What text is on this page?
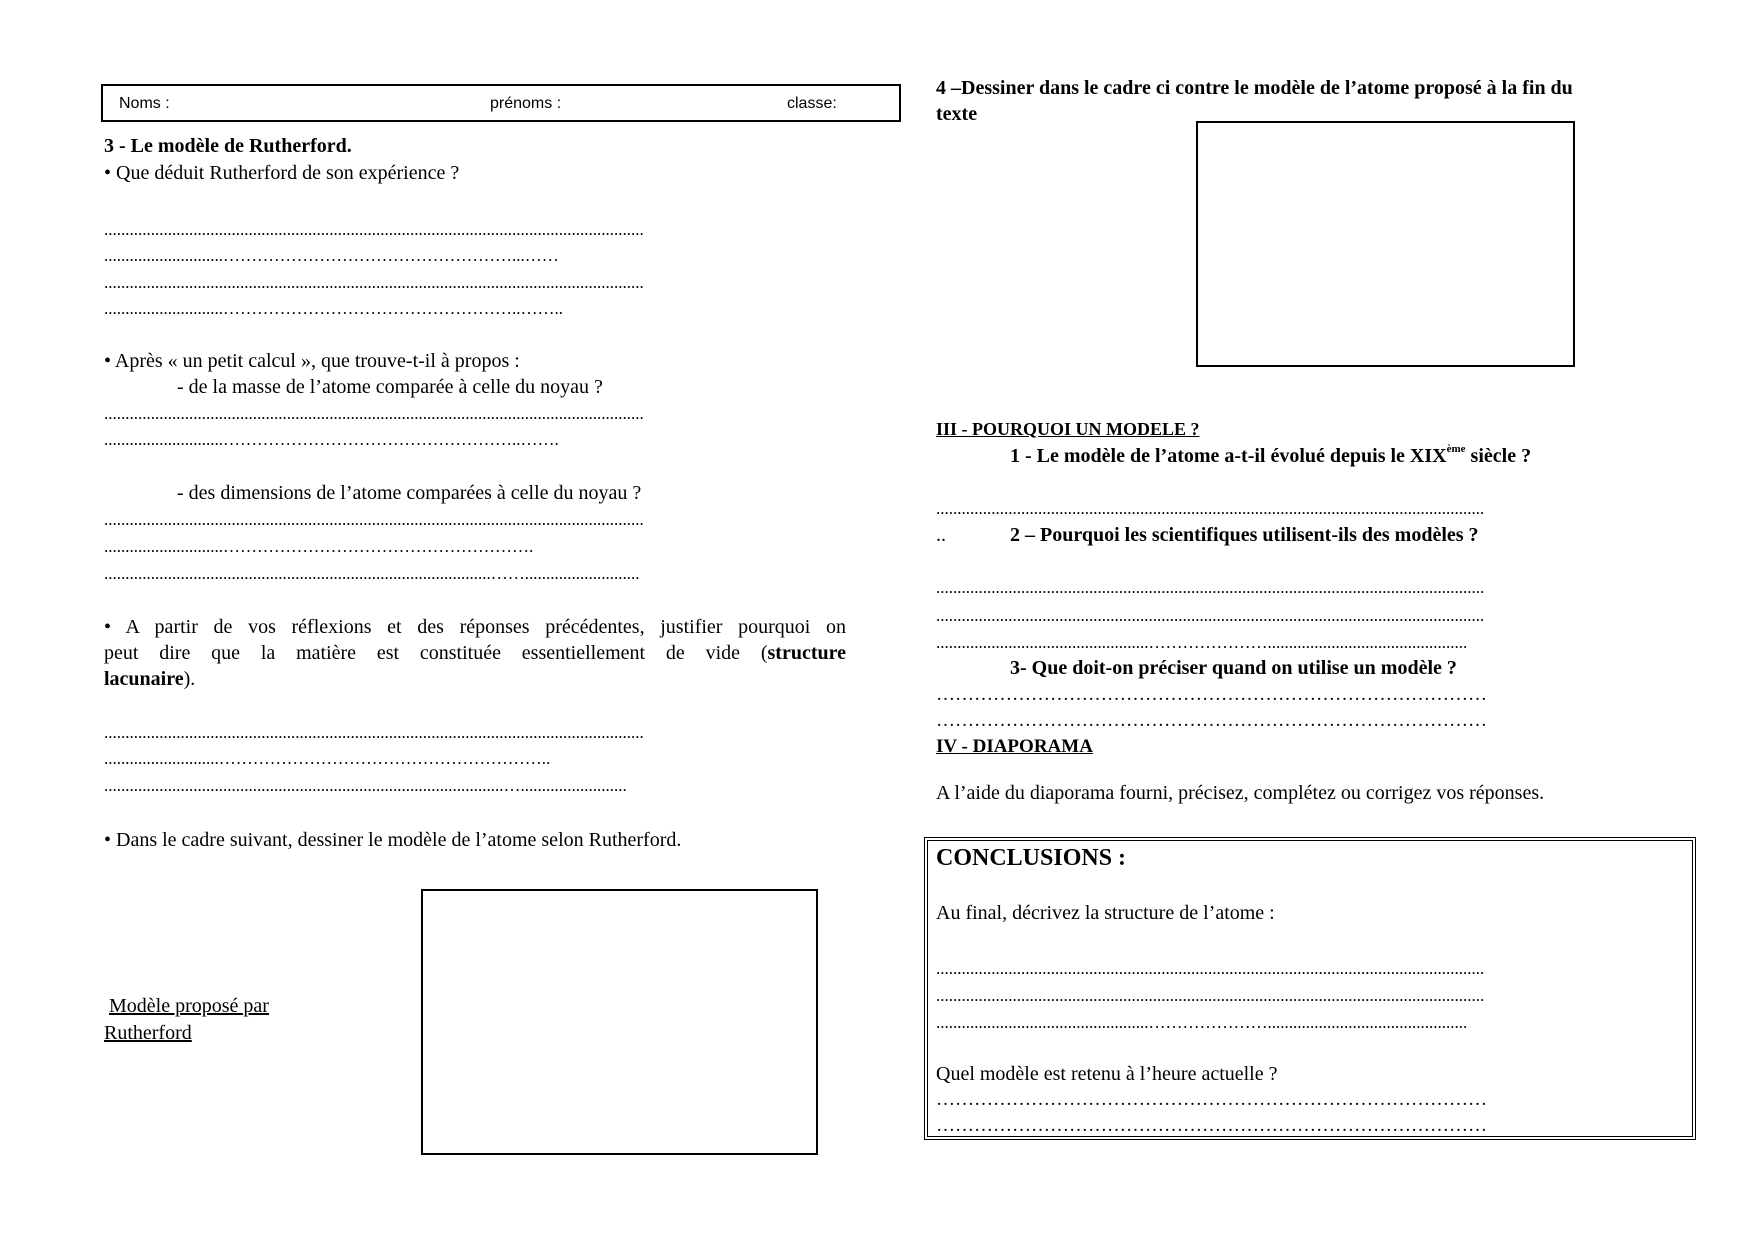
Noms :	prénoms :	classe:
3 - Le modèle de Rutherford.
• Que déduit Rutherford de son expérience ?
...............................................................................................................................
............................……………………………………………...……
...............................................................................................................................
............................……………………………………………..……..
• Après « un petit calcul », que trouve-t-il à propos :
- de la masse de l’atome comparée à celle du noyau ?
...............................................................................................................................
............................……………………………………………..…….
- des dimensions de l’atome comparées à celle du noyau ?
...............................................................................................................................
............................……………………………………………….
...........................................................................................……...........................
• A partir de vos réflexions et des réponses précédentes, justifier pourquoi on
peut dire que la matière est constituée essentiellement de vide (structure
lacunaire).
...............................................................................................................................
...........................…………………………………………………..
..............................................................................................….........................
• Dans le cadre suivant, dessiner le modèle de l’atome selon Rutherford.
Modèle proposé par
Rutherford
4 –Dessiner dans le cadre ci contre le modèle de l’atome proposé à la fin du
texte
III - POURQUOI UN MODELE ?
1 - Le modèle de l’atome a-t-il évolué depuis le XIXème siècle ?
.................................................................................................................................
..	2 – Pourquoi les scientifiques utilisent-ils des modèles ?
.................................................................................................................................
.................................................................................................................................
..................................................…………………...............................................
3- Que doit-on préciser quand on utilise un modèle ?
……………………………………………………………………………
……………………………………………………………………………
IV - DIAPORAMA
A l’aide du diaporama fourni, précisez, complétez ou corrigez vos réponses.
CONCLUSIONS :
Au final, décrivez la structure de l’atome :
.................................................................................................................................
.................................................................................................................................
..................................................…………………...............................................
Quel modèle est retenu à l’heure actuelle ?
……………………………………………………………………………
……………………………………………………………………………
